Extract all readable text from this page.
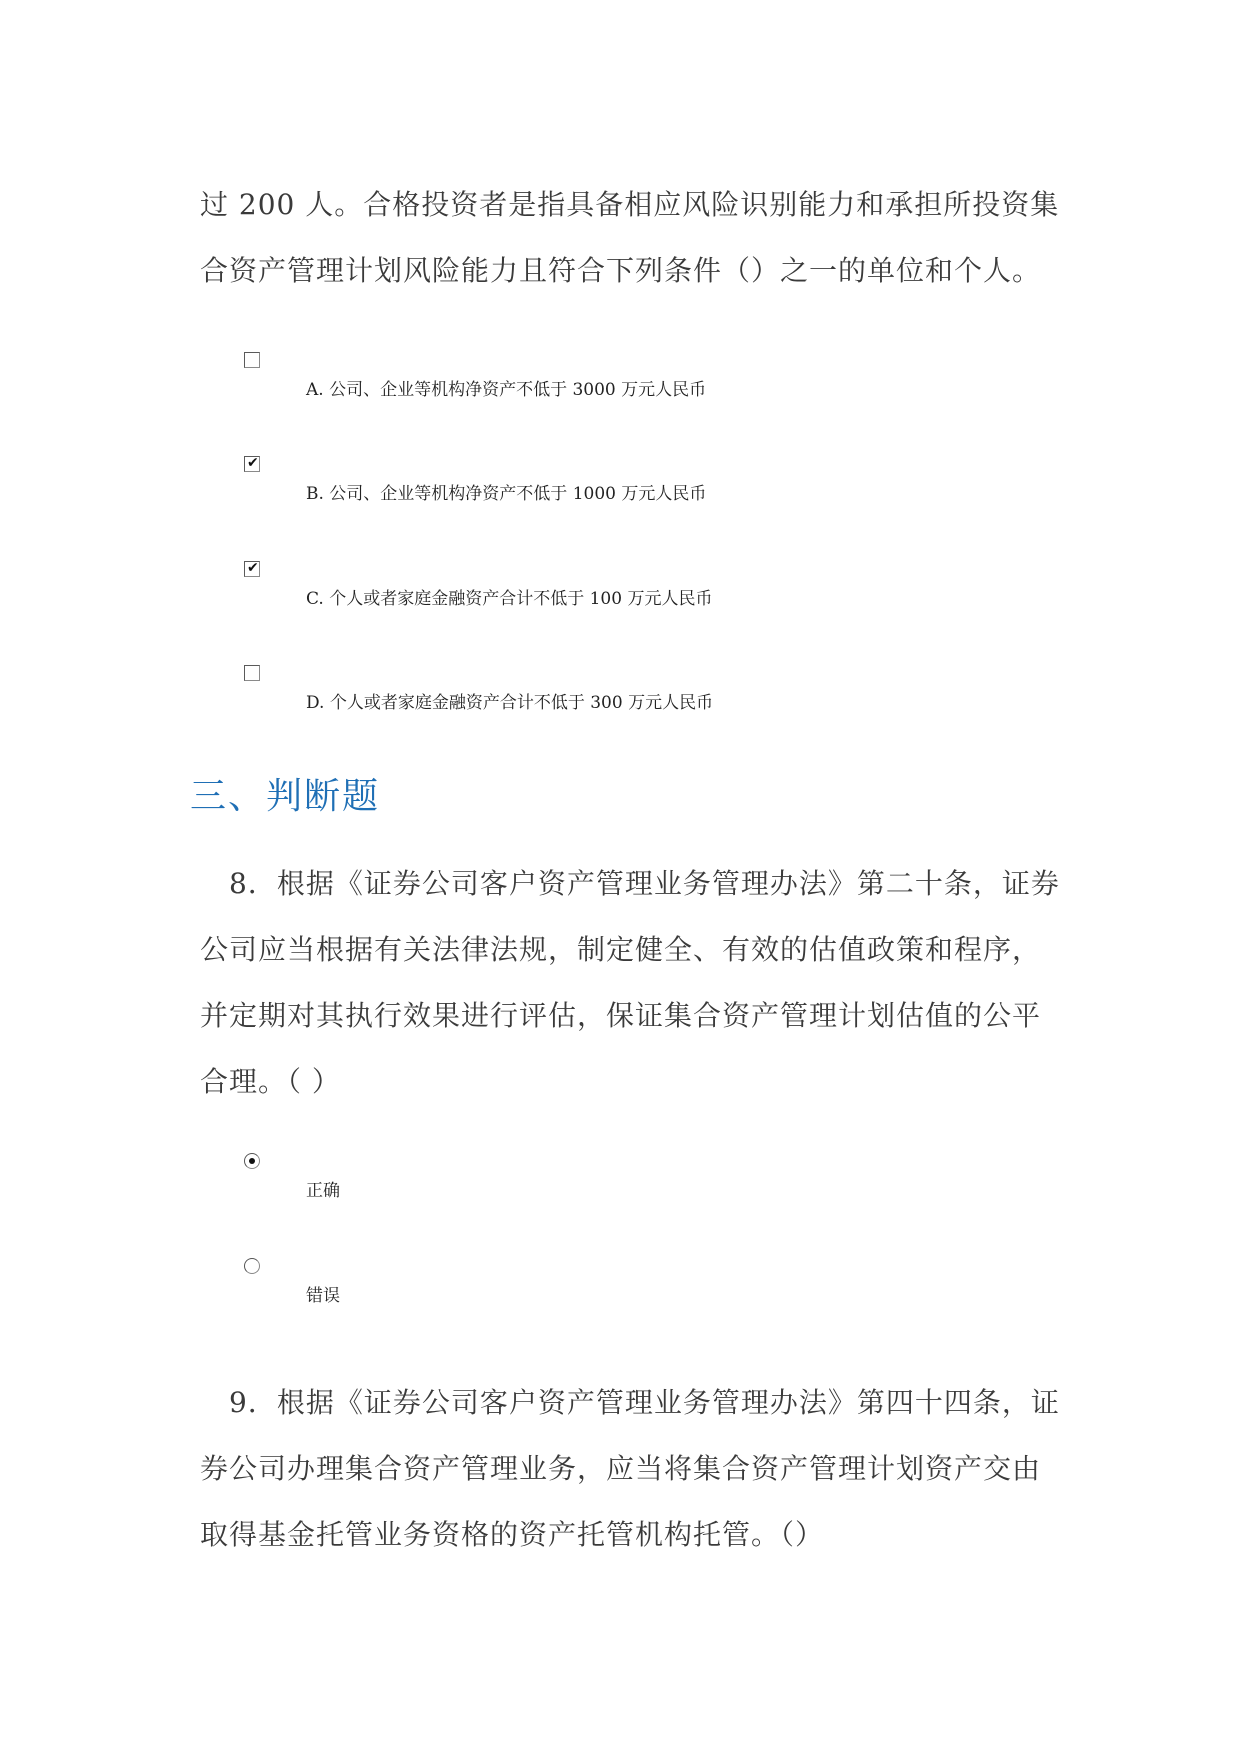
过 200 人。合格投资者是指具备相应风险识别能力和承担所投资集
合资产管理计划风险能力且符合下列条件（）之一的单位和个人。
A. 公司、企业等机构净资产不低于 3000 万元人民币
✔
B. 公司、企业等机构净资产不低于 1000 万元人民币
✔
C. 个人或者家庭金融资产合计不低于 100 万元人民币
D. 个人或者家庭金融资产合计不低于 300 万元人民币
三、判断题
　8．根据《证券公司客户资产管理业务管理办法》第二十条，证券
公司应当根据有关法律法规，制定健全、有效的估值政策和程序，
并定期对其执行效果进行评估，保证集合资产管理计划估值的公平
合理。（ ）
正确
错误
　9．根据《证券公司客户资产管理业务管理办法》第四十四条，证
券公司办理集合资产管理业务，应当将集合资产管理计划资产交由
取得基金托管业务资格的资产托管机构托管。（）
